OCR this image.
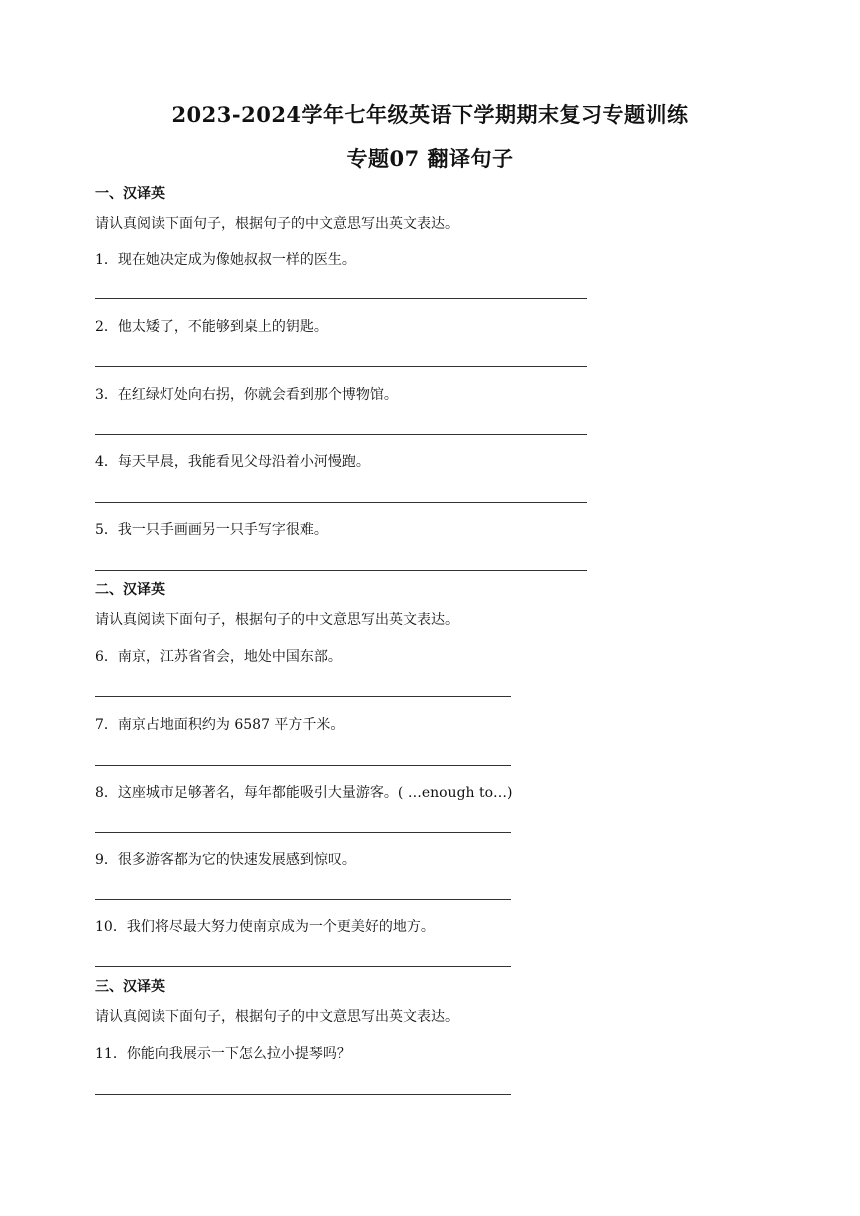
2023-2024学年七年级英语下学期期末复习专题训练
专题07 翻译句子
一、汉译英
请认真阅读下面句子，根据句子的中文意思写出英文表达。
1．现在她决定成为像她叔叔一样的医生。
2．他太矮了，不能够到桌上的钥匙。
3．在红绿灯处向右拐，你就会看到那个博物馆。
4．每天早晨，我能看见父母沿着小河慢跑。
5．我一只手画画另一只手写字很难。
二、汉译英
请认真阅读下面句子，根据句子的中文意思写出英文表达。
6．南京，江苏省省会，地处中国东部。
7．南京占地面积约为 6587 平方千米。
8．这座城市足够著名，每年都能吸引大量游客。( …enough to…)
9．很多游客都为它的快速发展感到惊叹。
10．我们将尽最大努力使南京成为一个更美好的地方。
三、汉译英
请认真阅读下面句子，根据句子的中文意思写出英文表达。
11．你能向我展示一下怎么拉小提琴吗？
